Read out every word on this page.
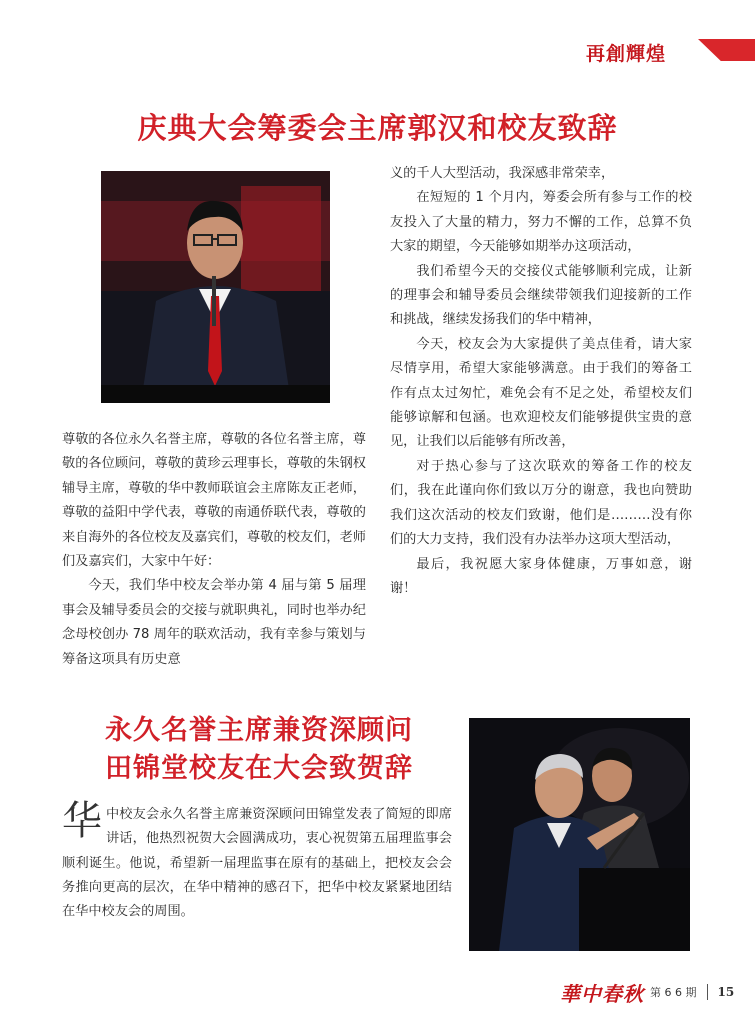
再創輝煌
庆典大会筹委会主席郭汉和校友致辞

尊敬的各位永久名誉主席，尊敬的各位名誉主席，尊敬的各位顾问，尊敬的黄珍云理事长，尊敬的朱钢权辅导主席，尊敬的华中教师联谊会主席陈友正老师，尊敬的益阳中学代表，尊敬的南通侨联代表，尊敬的来自海外的各位校友及嘉宾们，尊敬的校友们，老师们及嘉宾们，大家中午好：

今天，我们华中校友会举办第 4 届与第 5 届理事会及辅导委员会的交接与就职典礼，同时也举办纪念母校创办 78 周年的联欢活动，我有幸参与策划与筹备这项具有历史意

义的千人大型活动，我深感非常荣幸，

在短短的 1 个月内，筹委会所有参与工作的校友投入了大量的精力，努力不懈的工作，总算不负大家的期望，今天能够如期举办这项活动，

我们希望今天的交接仪式能够顺利完成，让新的理事会和辅导委员会继续带领我们迎接新的工作和挑战，继续发扬我们的华中精神，

今天，校友会为大家提供了美点佳肴，请大家尽情享用，希望大家能够满意。由于我们的筹备工作有点太过匆忙，难免会有不足之处，希望校友们能够谅解和包涵。也欢迎校友们能够提供宝贵的意见，让我们以后能够有所改善，

对于热心参与了这次联欢的筹备工作的校友们，我在此谨向你们致以万分的谢意，我也向赞助我们这次活动的校友们致谢，他们是………没有你们的大力支持，我们没有办法举办这项大型活动，

最后，我祝愿大家身体健康，万事如意，谢谢！

永久名誉主席兼资深顾问
田锦堂校友在大会致贺辞
华 中校友会永久名誉主席兼资深顾问田锦堂发表了简短的即席讲话，他热烈祝贺大会圆满成功，衷心祝贺第五届理监事会顺利诞生。他说，希望新一届理监事在原有的基础上，把校友会会务推向更高的层次，在华中精神的感召下，把华中校友紧紧地团结在华中校友会的周围。
華中春秋 第 6 6 期 15
